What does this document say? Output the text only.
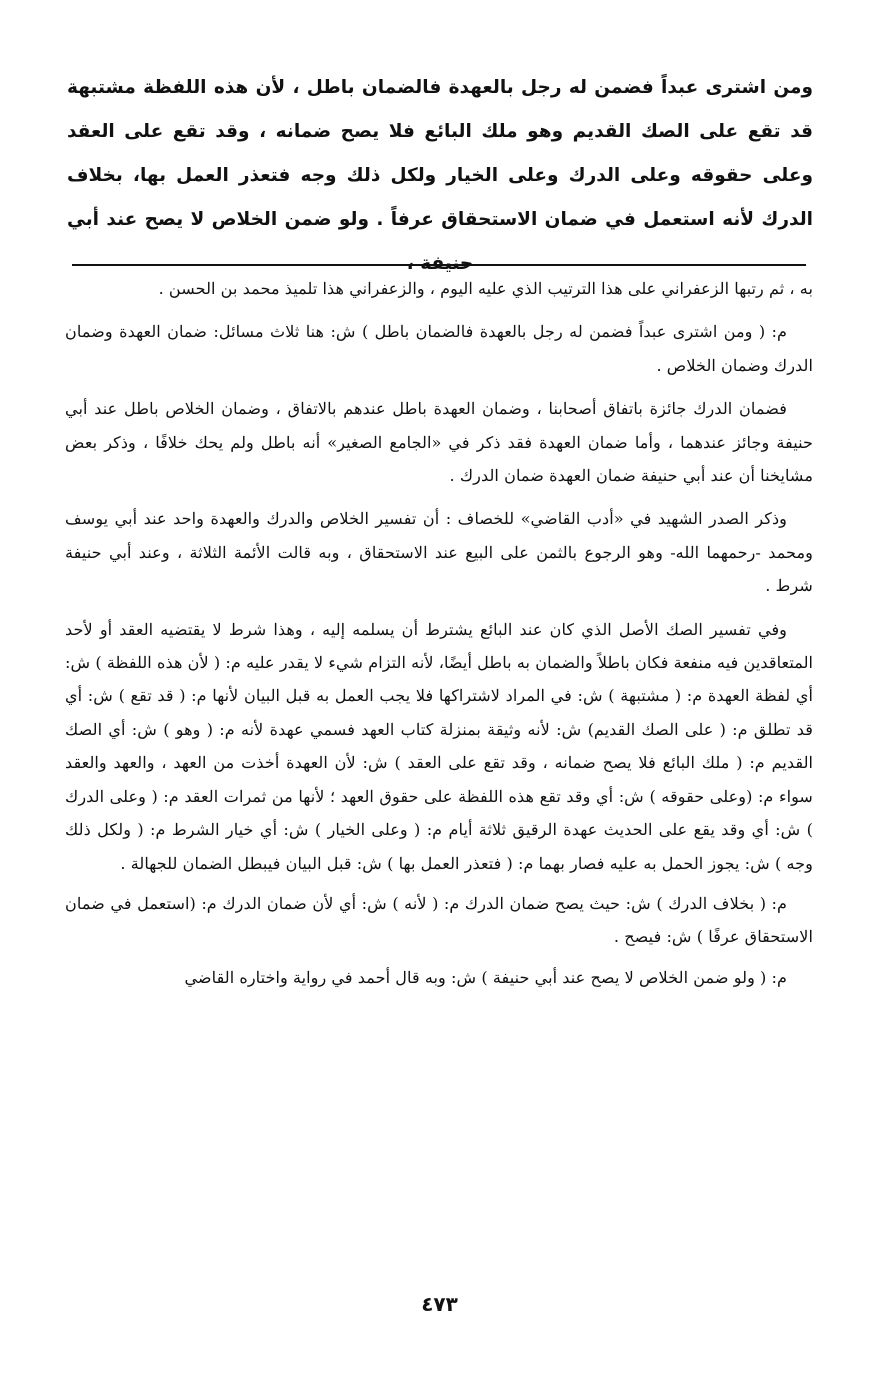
ومن اشترى عبداً فضمن له رجل بالعهدة فالضمان باطل ، لأن هذه اللفظة مشتبهة قد تقع على الصك القديم وهو ملك البائع فلا يصح ضمانه ، وقد تقع على العقد وعلى حقوقه وعلى الدرك وعلى الخيار ولكل ذلك وجه فتعذر العمل بها، بخلاف الدرك لأنه استعمل في ضمان الاستحقاق عرفاً . ولو ضمن الخلاص لا يصح عند أبي حنيفة ،

به ، ثم رتبها الزعفراني على هذا الترتيب الذي عليه اليوم ، والزعفراني هذا تلميذ محمد بن الحسن .

م: ( ومن اشترى عبداً فضمن له رجل بالعهدة فالضمان باطل ) ش: هنا ثلاث مسائل: ضمان العهدة وضمان الدرك وضمان الخلاص .

فضمان الدرك جائزة باتفاق أصحابنا ، وضمان العهدة باطل عندهم بالاتفاق ، وضمان الخلاص باطل عند أبي حنيفة وجائز عندهما ، وأما ضمان العهدة فقد ذكر في «الجامع الصغير» أنه باطل ولم يحك خلافًا ، وذكر بعض مشايخنا أن عند أبي حنيفة ضمان العهدة ضمان الدرك .

وذكر الصدر الشهيد في «أدب القاضي» للخصاف : أن تفسير الخلاص والدرك والعهدة واحد عند أبي يوسف ومحمد -رحمهما الله- وهو الرجوع بالثمن على البيع عند الاستحقاق ، وبه قالت الأئمة الثلاثة ، وعند أبي حنيفة شرط .

وفي تفسير الصك الأصل الذي كان عند البائع يشترط أن يسلمه إليه ، وهذا شرط لا يقتضيه العقد أو لأحد المتعاقدين فيه منفعة فكان باطلاً والضمان به باطل أيضًا، لأنه التزام شيء لا يقدر عليه م: ( لأن هذه اللفظة ) ش: أي لفظة العهدة م: ( مشتبهة ) ش: في المراد لاشتراكها فلا يجب العمل به قبل البيان لأنها م: ( قد تقع ) ش: أي قد تطلق م: ( على الصك القديم) ش: لأنه وثيقة بمنزلة كتاب العهد فسمي عهدة لأنه م: ( وهو ) ش: أي الصك القديم م: ( ملك البائع فلا يصح ضمانه ، وقد تقع على العقد ) ش: لأن العهدة أخذت من العهد ، والعهد والعقد سواء م: (وعلى حقوقه ) ش: أي وقد تقع هذه اللفظة على حقوق العهد ؛ لأنها من ثمرات العقد م: ( وعلى الدرك ) ش: أي وقد يقع على الحديث عهدة الرقيق ثلاثة أيام م: ( وعلى الخيار ) ش: أي خيار الشرط م: ( ولكل ذلك وجه ) ش: يجوز الحمل به عليه فصار بهما م: ( فتعذر العمل بها ) ش: قبل البيان فيبطل الضمان للجهالة .

م: ( بخلاف الدرك ) ش: حيث يصح ضمان الدرك م: ( لأنه ) ش: أي لأن ضمان الدرك م: (استعمل في ضمان الاستحقاق عرفًا ) ش: فيصح .

م: ( ولو ضمن الخلاص لا يصح عند أبي حنيفة ) ش: وبه قال أحمد في رواية واختاره القاضي

٤٧٣
